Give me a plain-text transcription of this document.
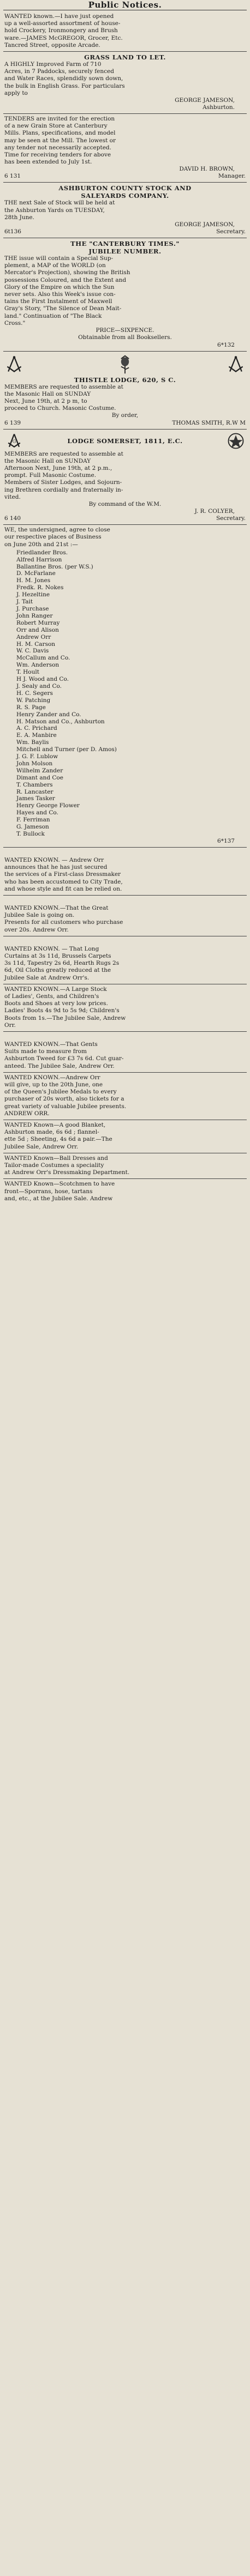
Public Notices.

WANTED known.—I have just opened

up a well-assorted assortment of house-

hold Crockery, Ironmongery and Brush

ware.—JAMES McGREGOR, Grocer, Etc.

Tancred Street, opposite Arcade.

GRASS LAND TO LET.

A HIGHLY Improved Farm of 710

Acres, in 7 Paddocks, securely fenced

and Water Races, splendidly sown down,

the bulk in English Grass. For particulars

apply to

GEORGE JAMESON,
Ashburton.

TENDERS are invited for the erection

of a new Grain Store at Canterbury

Mills. Plans, specifications, and model

may be seen at the Mill. The lowest or

any tender not necessarily accepted.

Time for receiving tenders for above

has been extended to July 1st.

DAVID H. BROWN,
6 131	Manager.
ASHBURTON COUNTY STOCK AND
SALEYARDS COMPANY.

THE next Sale of Stock will be held at

the Ashburton Yards on TUESDAY,

28th June.

GEORGE JAMESON,
6t136	Secretary.
THE "CANTERBURY TIMES."
JUBILEE NUMBER.

THE issue will contain a Special Sup-

plement, a MAP of the WORLD (on

Mercator's Projection), showing the British

possessions Coloured, and the Extent and

Glory of the Empire on which the Sun

never sets. Also this Week's issue con-

tains the First Instalment of Maxwell

Gray's Story, "The Silence of Dean Mait-

land." Continuation of "The Black

Cross."

PRICE—SIXPENCE.

Obtainable from all Booksellers.

6*132
THISTLE LODGE, 620, S C.

MEMBERS are requested to assemble at

the Masonic Hall on SUNDAY

Next, June 19th, at 2 p m, to

proceed to Church. Masonic Costume.

By order,

6 139	THOMAS SMITH, R.W M
G	LODGE SOMERSET, 1811, E.C.

MEMBERS are requested to assemble at

the Masonic Hall on SUNDAY

Afternoon Next, June 19th, at 2 p.m.,

prompt. Full Masonic Costume.

Members of Sister Lodges, and Sojourn-

ing Brethren cordially and fraternally in-

vited.

By command of the W.M.

J. R. COLYER,
6 140	Secretary.

WE, the undersigned, agree to close

our respective places of Business

on June 20th and 21st :—

Friedlander Bros.
Alfred Harrison
Ballantine Bros. (per W.S.)
D. McFarlane
H. M. Jones
Fredk. R. Nokes
J. Hezeltine
J. Tait
J. Purchase
John Ranger
Robert Murray
Orr and Alison
Andrew Orr
H. M. Carson
W. C. Davis
McCallum and Co.
Wm. Anderson
T. Hoult
H J. Wood and Co.
J. Sealy and Co.
H. C. Segers
W. Patching
R. S. Page
Henry Zander and Co.
H. Matson and Co., Ashburton
A. C. Prichard
E. A. Manbire
Wm. Baylis
Mitchell and Turner (per D. Amos)
J. G. F. Lublow
John Molson
Wilhelm Zander
Dimant and Coe
T. Chambers
R. Lancaster
James Tasker
Henry George Flower
Hayes and Co.
F. Ferriman
G. Jameson
T. Bullock
6*137

WANTED KNOWN. — Andrew Orr

announces that he has just secured

the services of a First-class Dressmaker

who has been accustomed to City Trade,

and whose style and fit can be relied on.

WANTED KNOWN.—That the Great

Jubilee Sale is going on.

Presents for all customers who purchase

over 20s. Andrew Orr.

WANTED KNOWN. — That Long

Curtains at 3s 11d, Brussels Carpets

3s 11d, Tapestry 2s 6d, Hearth Rugs 2s

6d, Oil Cloths greatly reduced at the

Jubilee Sale at Andrew Orr's.

WANTED KNOWN.—A Large Stock

of Ladies', Gents, and Children's

Boots and Shoes at very low prices.

Ladies' Boots 4s 9d to 5s 9d; Children's

Boots from 1s.—The Jubilee Sale, Andrew

Orr.

WANTED KNOWN.—That Gents

Suits made to measure from

Ashburton Tweed for £3 7s 6d. Cut guar-

anteed. The Jubilee Sale, Andrew Orr.

WANTED KNOWN.—Andrew Orr

will give, up to the 20th June, one

of the Queen's Jubilee Medals to every

purchaser of 20s worth, also tickets for a

great variety of valuable Jubilee presents.

ANDREW ORR.

WANTED Known—A good Blanket,

Ashburton made, 6s 6d ; flannel-

ette 5d ; Sheeting, 4s 6d a pair.—The

Jubilee Sale, Andrew Orr.

WANTED Known—Ball Dresses and

Tailor-made Costumes a speciality

at Andrew Orr's Dressmaking Department.

WANTED Known—Scotchmen to have

front—Sporrans, hose, tartans

and, etc., at the Jubilee Sale. Andrew
